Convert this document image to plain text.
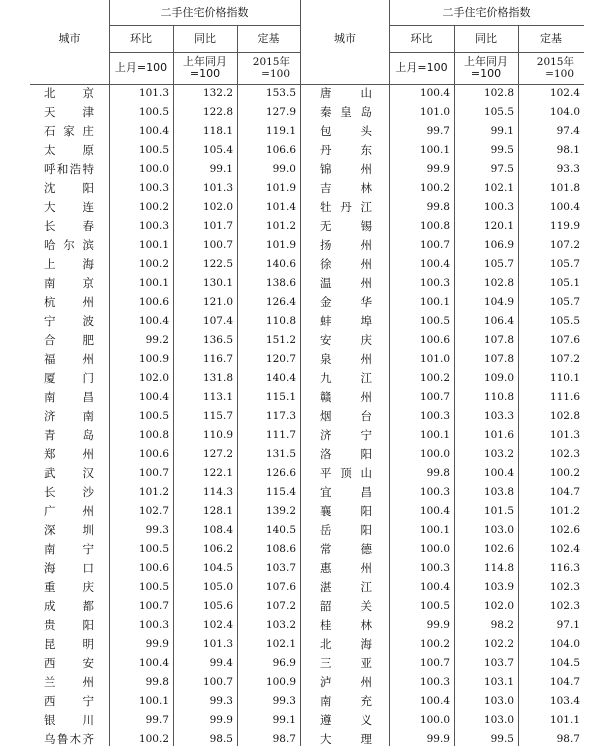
城市
二手住宅价格指数
环比	同比	定基
上月=100	上年同月=100
2015年=100
城市
二手住宅价格指数
环比	同比	定基
上月=100	上年同月=100
2015年=100
北　京	101.3	132.2	153.5 唐　山	100.4	102.8	102.4
天　津	100.5	122.8	127.9 秦皇岛	101.0	105.5	104.0
石家庄	100.4	118.1	119.1 包　头	99.7	99.1	97.4
太　原	100.5	105.4	106.6 丹　东	100.1	99.5	98.1
呼和浩特	100.0	99.1	99.0 锦　州	99.9	97.5	93.3
沈　阳	100.3	101.3	101.9 吉　林	100.2	102.1	101.8
大　连	100.2	102.0	101.4 牡丹江	99.8	100.3	100.4
长　春	100.3	101.7	101.2 无　锡	100.8	120.1	119.9
哈尔滨	100.1	100.7	101.9 扬　州	100.7	106.9	107.2
上　海	100.2	122.5	140.6 徐　州	100.4	105.7	105.7
南　京	100.1	130.1	138.6 温　州	100.3	102.8	105.1
杭　州	100.6	121.0	126.4 金　华	100.1	104.9	105.7
宁　波	100.4	107.4	110.8 蚌　埠	100.5	106.4	105.5
合　肥	99.2	136.5	151.2 安　庆	100.6	107.8	107.6
福　州	100.9	116.7	120.7 泉　州	101.0	107.8	107.2
厦　门	102.0	131.8	140.4 九　江	100.2	109.0	110.1
南　昌	100.4	113.1	115.1 赣　州	100.7	110.8	111.6
济　南	100.5	115.7	117.3 烟　台	100.3	103.3	102.8
青　岛	100.8	110.9	111.7 济　宁	100.1	101.6	101.3
郑　州	100.6	127.2	131.5 洛　阳	100.0	103.2	102.3
武　汉	100.7	122.1	126.6 平顶山	99.8	100.4	100.2
长　沙	101.2	114.3	115.4 宜　昌	100.3	103.8	104.7
广　州	102.7	128.1	139.2 襄　阳	100.4	101.5	101.2
深　圳	99.3	108.4	140.5 岳　阳	100.1	103.0	102.6
南　宁	100.5	106.2	108.6 常　德	100.0	102.6	102.4
海　口	100.6	104.5	103.7 惠　州	100.3	114.8	116.3
重　庆	100.5	105.0	107.6 湛　江	100.4	103.9	102.3
成　都	100.7	105.6	107.2 韶　关	100.5	102.0	102.3
贵　阳	100.3	102.4	103.2 桂　林	99.9	98.2	97.1
昆　明	99.9	101.3	102.1 北　海	100.2	102.2	104.0
西　安	100.4	99.4	96.9 三　亚	100.7	103.7	104.5
兰　州	99.8	100.7	100.9 泸　州	100.3	103.1	104.7
西　宁	100.1	99.3	99.3 南　充	100.4	103.0	103.4
银　川	99.7	99.9	99.1 遵　义	100.0	103.0	101.1
乌鲁木齐	100.2	98.5	98.7 大　理	99.9	99.5	98.7
